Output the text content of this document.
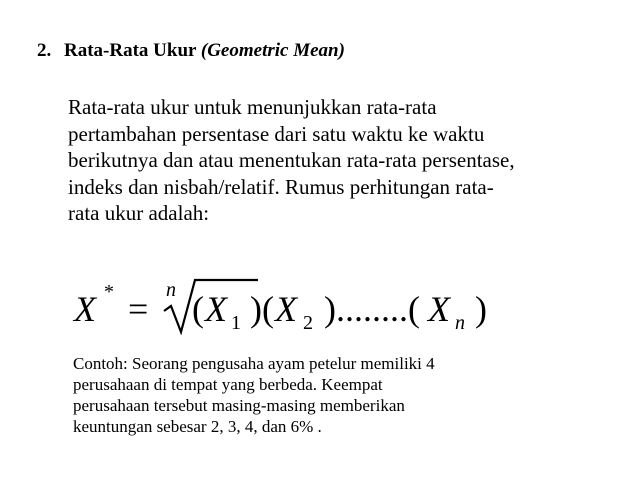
2. Rata-Rata Ukur (Geometric Mean)
Rata-rata ukur untuk menunjukkan rata-rata
pertambahan persentase dari satu waktu ke waktu
berikutnya dan atau menentukan rata-rata persentase,
indeks dan nisbah/relatif. Rumus perhitungan rata-
rata ukur adalah:
X * = n ( X 1 )( X 2 )........( X n )
Contoh: Seorang pengusaha ayam petelur memiliki 4
perusahaan di tempat yang berbeda. Keempat
perusahaan tersebut masing-masing memberikan
keuntungan sebesar 2, 3, 4, dan 6% .
